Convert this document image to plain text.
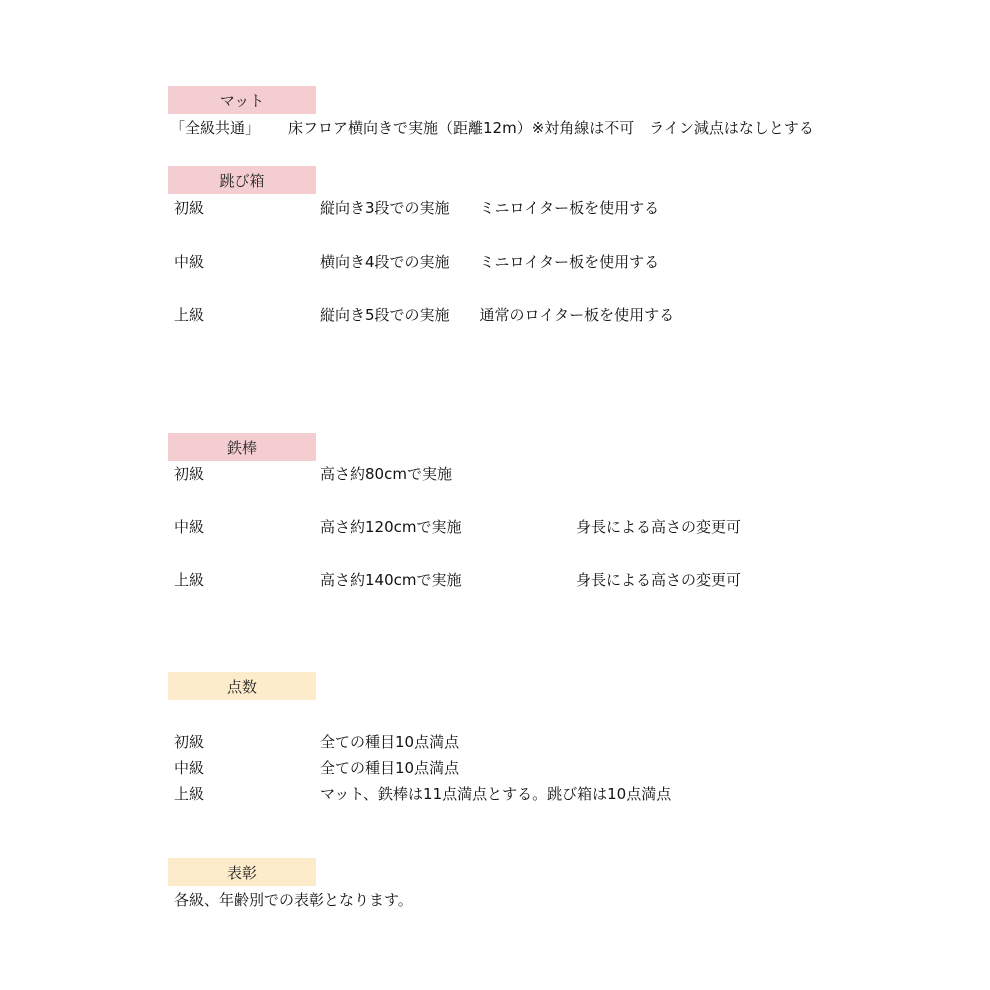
マット
「全級共通」 床フロア横向きで実施（距離12m）※対角線は不可　ライン減点はなしとする
跳び箱
初級	縦向き3段での実施　　ミニロイター板を使用する
中級	横向き4段での実施　　ミニロイター板を使用する
上級	縦向き5段での実施　　通常のロイター板を使用する
鉄棒
初級	高さ約80cmで実施
中級	高さ約120cmで実施	身長による高さの変更可
上級	高さ約140cmで実施	身長による高さの変更可
点数
初級	全ての種目10点満点
中級	全ての種目10点満点
上級	マット、鉄棒は11点満点とする。跳び箱は10点満点
表彰
各級、年齢別での表彰となります。
